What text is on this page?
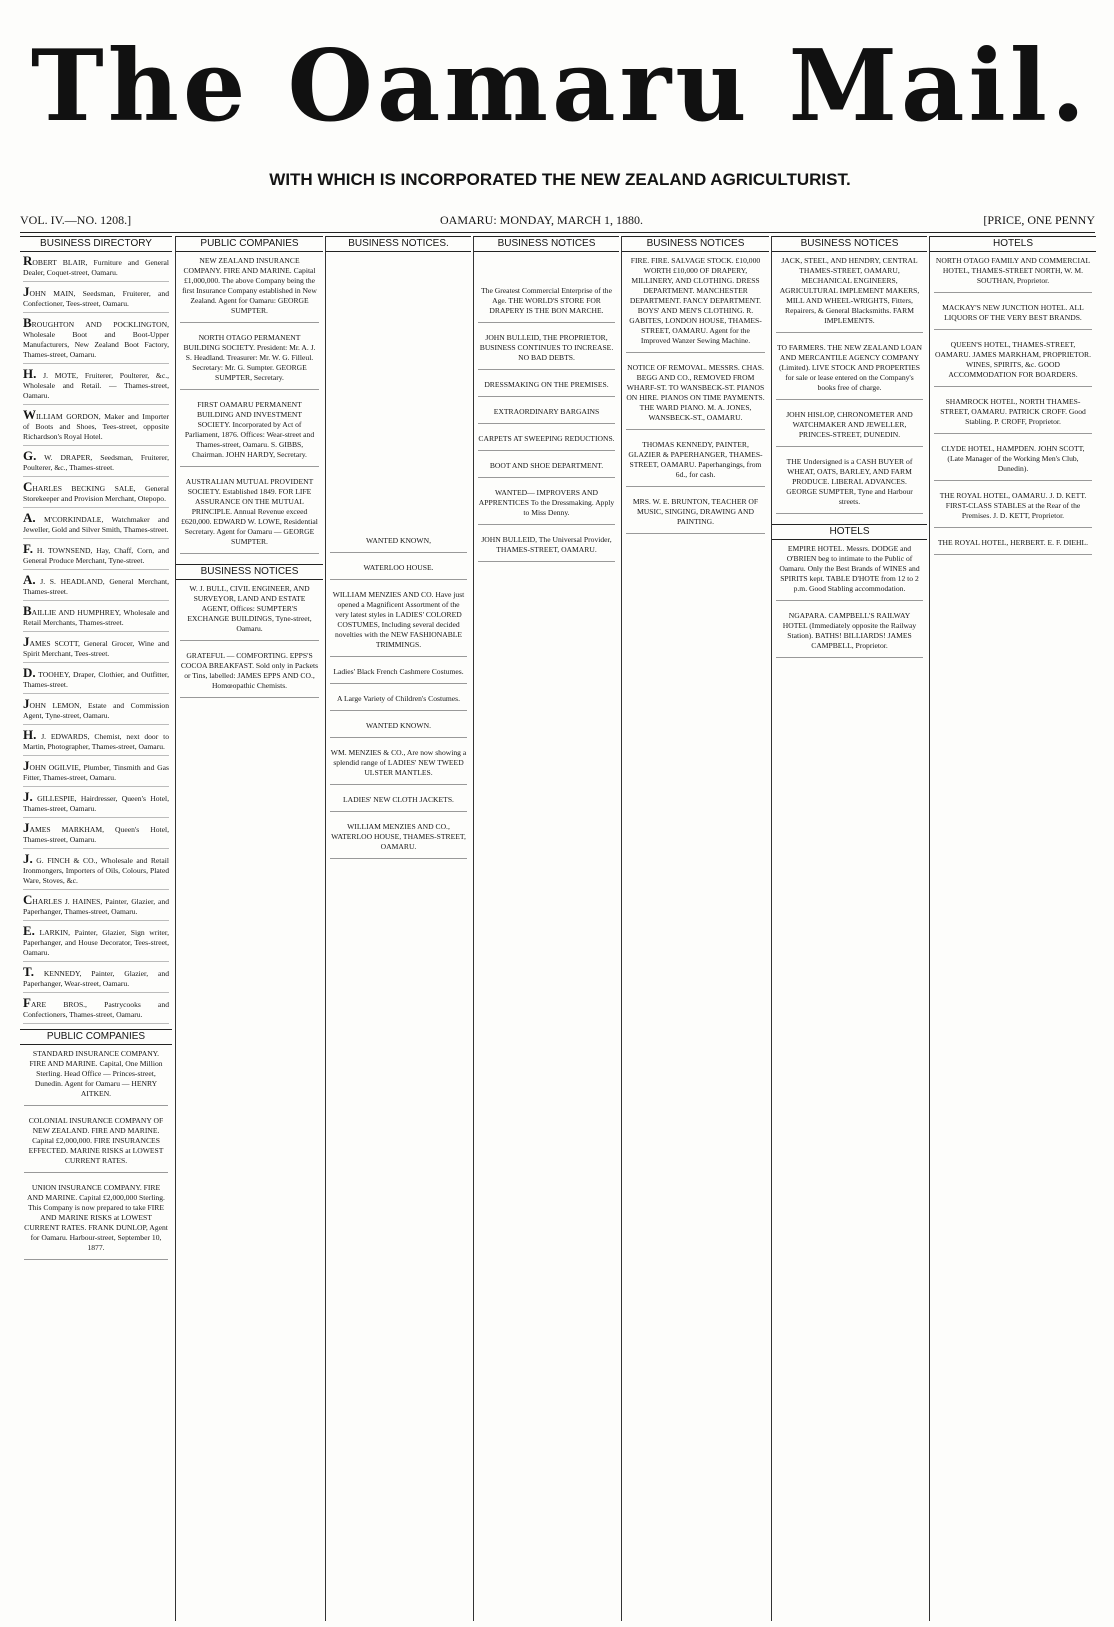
The Oamaru Mail.
WITH WHICH IS INCORPORATED THE NEW ZEALAND AGRICULTURIST.
VOL. IV.—NO. 1208.]	OAMARU: MONDAY, MARCH 1, 1880.	[PRICE, ONE PENNY
BUSINESS DIRECTORY

ROBERT BLAIR, Furniture and General Dealer, Coquet-street, Oamaru.

JOHN MAIN, Seedsman, Fruiterer, and Confectioner, Tees-street, Oamaru.

BROUGHTON AND POCKLINGTON, Wholesale Boot and Boot-Upper Manufacturers, New Zealand Boot Factory, Thames-street, Oamaru.

H. J. MOTE, Fruiterer, Poulterer, &c., Wholesale and Retail. — Thames-street, Oamaru.

WILLIAM GORDON, Maker and Importer of Boots and Shoes, Tees-street, opposite Richardson's Royal Hotel.

G. W. DRAPER, Seedsman, Fruiterer, Poulterer, &c., Thames-street.

CHARLES BECKING SALE, General Storekeeper and Provision Merchant, Otepopo.

A. M'CORKINDALE, Watchmaker and Jeweller, Gold and Silver Smith, Thames-street.

F. H. TOWNSEND, Hay, Chaff, Corn, and General Produce Merchant, Tyne-street.

A. J. S. HEADLAND, General Merchant, Thames-street.

BAILLIE AND HUMPHREY, Wholesale and Retail Merchants, Thames-street.

JAMES SCOTT, General Grocer, Wine and Spirit Merchant, Tees-street.

D. TOOHEY, Draper, Clothier, and Outfitter, Thames-street.

JOHN LEMON, Estate and Commission Agent, Tyne-street, Oamaru.

H. J. EDWARDS, Chemist, next door to Martin, Photographer, Thames-street, Oamaru.

JOHN OGILVIE, Plumber, Tinsmith and Gas Fitter, Thames-street, Oamaru.

J. GILLESPIE, Hairdresser, Queen's Hotel, Thames-street, Oamaru.

JAMES MARKHAM, Queen's Hotel, Thames-street, Oamaru.

J. G. FINCH & CO., Wholesale and Retail Ironmongers, Importers of Oils, Colours, Plated Ware, Stoves, &c.

CHARLES J. HAINES, Painter, Glazier, and Paperhanger, Thames-street, Oamaru.

E. LARKIN, Painter, Glazier, Sign writer, Paperhanger, and House Decorator, Tees-street, Oamaru.

T. KENNEDY, Painter, Glazier, and Paperhanger, Wear-street, Oamaru.

FARE BROS., Pastrycooks and Confectioners, Thames-street, Oamaru.

PUBLIC COMPANIES
STANDARD INSURANCE COMPANY. FIRE AND MARINE. Capital, One Million Sterling. Head Office — Princes-street, Dunedin. Agent for Oamaru — HENRY AITKEN.
COLONIAL INSURANCE COMPANY OF NEW ZEALAND. FIRE AND MARINE. Capital £2,000,000. FIRE INSURANCES EFFECTED. MARINE RISKS at LOWEST CURRENT RATES.
UNION INSURANCE COMPANY. FIRE AND MARINE. Capital £2,000,000 Sterling. This Company is now prepared to take FIRE AND MARINE RISKS at LOWEST CURRENT RATES. FRANK DUNLOP, Agent for Oamaru. Harbour-street, September 10, 1877.
PUBLIC COMPANIES
NEW ZEALAND INSURANCE COMPANY. FIRE AND MARINE. Capital £1,000,000. The above Company being the first Insurance Company established in New Zealand. Agent for Oamaru: GEORGE SUMPTER.
NORTH OTAGO PERMANENT BUILDING SOCIETY. President: Mr. A. J. S. Headland. Treasurer: Mr. W. G. Filleul. Secretary: Mr. G. Sumpter. GEORGE SUMPTER, Secretary.
FIRST OAMARU PERMANENT BUILDING AND INVESTMENT SOCIETY. Incorporated by Act of Parliament, 1876. Offices: Wear-street and Thames-street, Oamaru. S. GIBBS, Chairman. JOHN HARDY, Secretary.
AUSTRALIAN MUTUAL PROVIDENT SOCIETY. Established 1849. FOR LIFE ASSURANCE ON THE MUTUAL PRINCIPLE. Annual Revenue exceed £620,000. EDWARD W. LOWE, Residential Secretary. Agent for Oamaru — GEORGE SUMPTER.
BUSINESS NOTICES
W. J. BULL, CIVIL ENGINEER, AND SURVEYOR, LAND AND ESTATE AGENT, Offices: SUMPTER'S EXCHANGE BUILDINGS, Tyne-street, Oamaru.
GRATEFUL — COMFORTING. EPPS'S COCOA BREAKFAST. Sold only in Packets or Tins, labelled: JAMES EPPS AND CO., Homœopathic Chemists.
BUSINESS NOTICES.
WANTED KNOWN,
WATERLOO HOUSE.
WILLIAM MENZIES AND CO. Have just opened a Magnificent Assortment of the very latest styles in LADIES' COLORED COSTUMES, Including several decided novelties with the NEW FASHIONABLE TRIMMINGS.
Ladies' Black French Cashmere Costumes.
A Large Variety of Children's Costumes.
WANTED KNOWN.
WM. MENZIES & CO., Are now showing a splendid range of LADIES' NEW TWEED ULSTER MANTLES.
LADIES' NEW CLOTH JACKETS.
WILLIAM MENZIES AND CO., WATERLOO HOUSE, THAMES-STREET, OAMARU.
BUSINESS NOTICES
The Greatest Commercial Enterprise of the Age. THE WORLD'S STORE FOR DRAPERY IS THE BON MARCHE.
JOHN BULLEID, THE PROPRIETOR, BUSINESS CONTINUES TO INCREASE. NO BAD DEBTS.
DRESSMAKING ON THE PREMISES.
EXTRAORDINARY BARGAINS
CARPETS AT SWEEPING REDUCTIONS.
BOOT AND SHOE DEPARTMENT.
WANTED— IMPROVERS AND APPRENTICES To the Dressmaking. Apply to Miss Denny.
JOHN BULLEID, The Universal Provider, THAMES-STREET, OAMARU.
BUSINESS NOTICES
FIRE. FIRE. SALVAGE STOCK. £10,000 WORTH £10,000 OF DRAPERY, MILLINERY, AND CLOTHING. DRESS DEPARTMENT. MANCHESTER DEPARTMENT. FANCY DEPARTMENT. BOYS' AND MEN'S CLOTHING. R. GABITES, LONDON HOUSE, THAMES-STREET, OAMARU. Agent for the Improved Wanzer Sewing Machine.
NOTICE OF REMOVAL. MESSRS. CHAS. BEGG AND CO., REMOVED FROM WHARF-ST. TO WANSBECK-ST. PIANOS ON HIRE. PIANOS ON TIME PAYMENTS. THE WARD PIANO. M. A. JONES, WANSBECK-ST., OAMARU.
THOMAS KENNEDY, PAINTER, GLAZIER & PAPERHANGER, THAMES-STREET, OAMARU. Paperhangings, from 6d., for cash.
MRS. W. E. BRUNTON, TEACHER OF MUSIC, SINGING, DRAWING AND PAINTING.
BUSINESS NOTICES
JACK, STEEL, AND HENDRY, CENTRAL THAMES-STREET, OAMARU, MECHANICAL ENGINEERS, AGRICULTURAL IMPLEMENT MAKERS, MILL AND WHEEL-WRIGHTS, Fitters, Repairers, & General Blacksmiths. FARM IMPLEMENTS.
TO FARMERS. THE NEW ZEALAND LOAN AND MERCANTILE AGENCY COMPANY (Limited). LIVE STOCK AND PROPERTIES for sale or lease entered on the Company's books free of charge.
JOHN HISLOP, CHRONOMETER AND WATCHMAKER AND JEWELLER, PRINCES-STREET, DUNEDIN.
THE Undersigned is a CASH BUYER of WHEAT, OATS, BARLEY, AND FARM PRODUCE. LIBERAL ADVANCES. GEORGE SUMPTER, Tyne and Harbour streets.
HOTELS
EMPIRE HOTEL. Messrs. DODGE and O'BRIEN beg to intimate to the Public of Oamaru. Only the Best Brands of WINES and SPIRITS kept. TABLE D'HOTE from 12 to 2 p.m. Good Stabling accommodation.
NGAPARA. CAMPBELL'S RAILWAY HOTEL (Immediately opposite the Railway Station). BATHS! BILLIARDS! JAMES CAMPBELL, Proprietor.
HOTELS
NORTH OTAGO FAMILY AND COMMERCIAL HOTEL, THAMES-STREET NORTH, W. M. SOUTHAN, Proprietor.
MACKAY'S NEW JUNCTION HOTEL. ALL LIQUORS OF THE VERY BEST BRANDS.
QUEEN'S HOTEL, THAMES-STREET, OAMARU. JAMES MARKHAM, PROPRIETOR. WINES, SPIRITS, &c. GOOD ACCOMMODATION FOR BOARDERS.
SHAMROCK HOTEL, NORTH THAMES-STREET, OAMARU. PATRICK CROFF. Good Stabling. P. CROFF, Proprietor.
CLYDE HOTEL, HAMPDEN. JOHN SCOTT, (Late Manager of the Working Men's Club, Dunedin).
THE ROYAL HOTEL, OAMARU. J. D. KETT. FIRST-CLASS STABLES at the Rear of the Premises. J. D. KETT, Proprietor.
THE ROYAL HOTEL, HERBERT. E. F. DIEHL.
